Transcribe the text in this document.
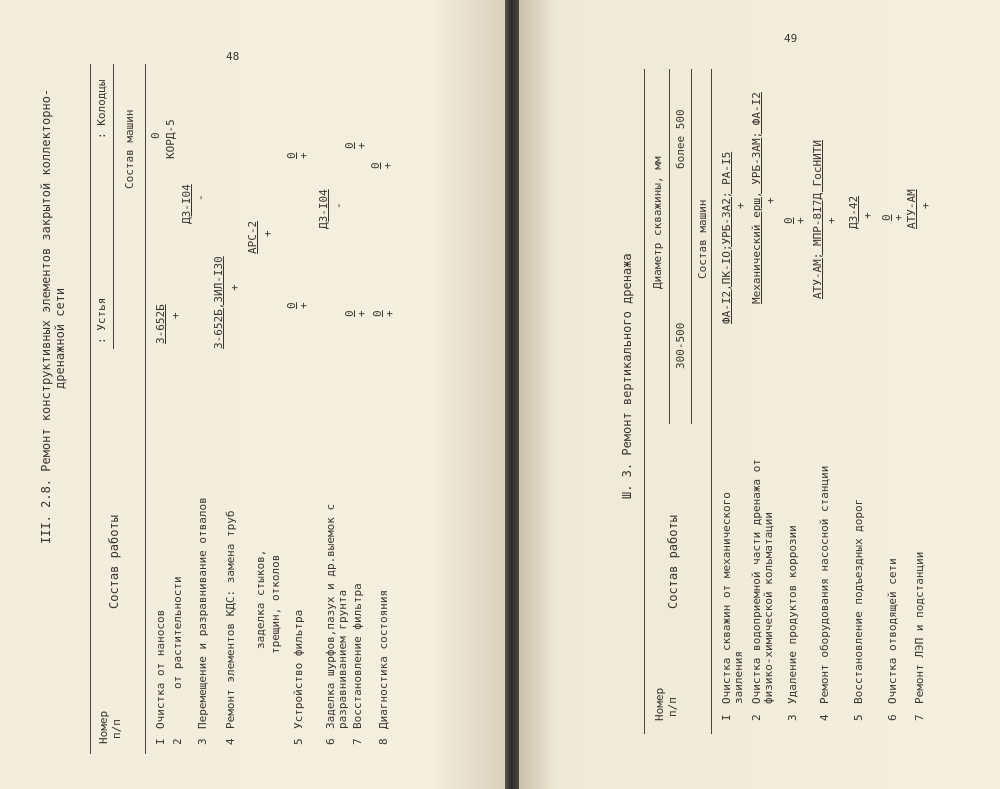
48
III. 2.8. Ремонт конструктивных элементов закрытой коллекторно- дренажной сети
Номер п/п
Состав работы
: Устья
: Колодцы
Состав машин
I
Очистка от наносов
2
от растительности
З-652Б +
0 КОРД-5
3
Перемещение и разравнивание отвалов
ДЗ-I04 -
4
Ремонт элементов КДС: замена труб
З-652Б,ЗИЛ-I30 +
заделка стыков, трещин, отколов
АРС-2 +
5
Устройство фильтра
0 +
0 +
6
Заделка шурфов,пазух и др.выемок с разравниванием грунта
ДЗ-I04 -
7
Восстановление фильтра
0 +
0 +
8
Диагностика состояния
0 +
0 +
49
Ш. 3. Ремонт вертикального дренажа
Номер п/п
Состав работы
Диаметр скважины, мм
300-500
более 500
Состав машин
I
Очистка скважин от механического заиления
ФА-I2,ПК-IО;УРБ-ЗА2; РА-I5 +
2
Очистка водоприемной части дренажа от физико-химической кольматации
Механический ерш, УРБ-ЗАМ; ФА-I2 +
3
Удаление продуктов коррозии
0 +
4
Ремонт оборудования насосной станции
АТУ-АМ; МПР-8I7Д ГосНИТИ +
5
Восстановление подъездных дорог
ДЗ-42 +
6
Очистка отводящей сети
0 +
7
Ремонт ЛЭП и подстанции
АТУ-АМ +
